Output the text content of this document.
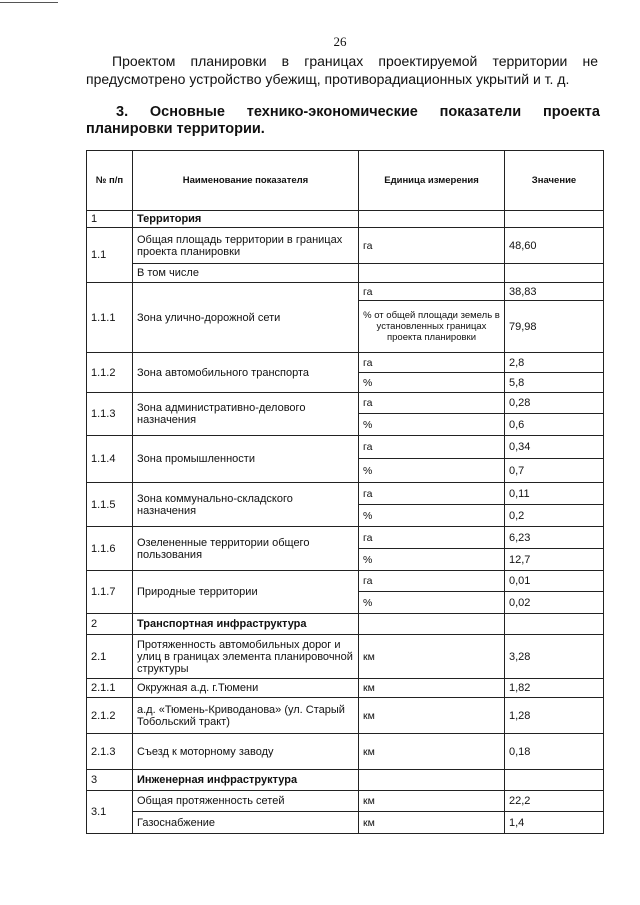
26

Проектом планировки в границах проектируемой территории не предусмотрено устройство убежищ, противорадиационных укрытий и т. д.

3. Основные технико-экономические показатели проекта
планировки территории.
№ п/п	Наименование показателя	Единица измерения	Значение
1	Территория		
1.1	Общая площадь территории в границах проекта планировки	га	48,60
	В том числе		
1.1.1	Зона улично-дорожной сети	га	38,83
		% от общей площади земель в установленных границах проекта планировки	79,98
1.1.2	Зона автомобильного транспорта	га	2,8
		%	5,8
1.1.3	Зона административно-делового назначения	га	0,28
		%	0,6
1.1.4	Зона промышленности	га	0,34
		%	0,7
1.1.5	Зона коммунально-складского назначения	га	0,11
		%	0,2
1.1.6	Озелененные территории общего пользования	га	6,23
		%	12,7
1.1.7	Природные территории	га	0,01
		%	0,02
2	Транспортная инфраструктура		
2.1	Протяженность автомобильных дорог и улиц в границах элемента планировочной структуры	км	3,28
2.1.1	Окружная а.д. г.Тюмени	км	1,82
2.1.2	а.д. «Тюмень-Криводанова» (ул. Старый Тобольский тракт)	км	1,28
2.1.3	Съезд к моторному заводу	км	0,18
3	Инженерная инфраструктура		
3.1	Общая протяженность сетей	км	22,2
	Газоснабжение	км	1,4
